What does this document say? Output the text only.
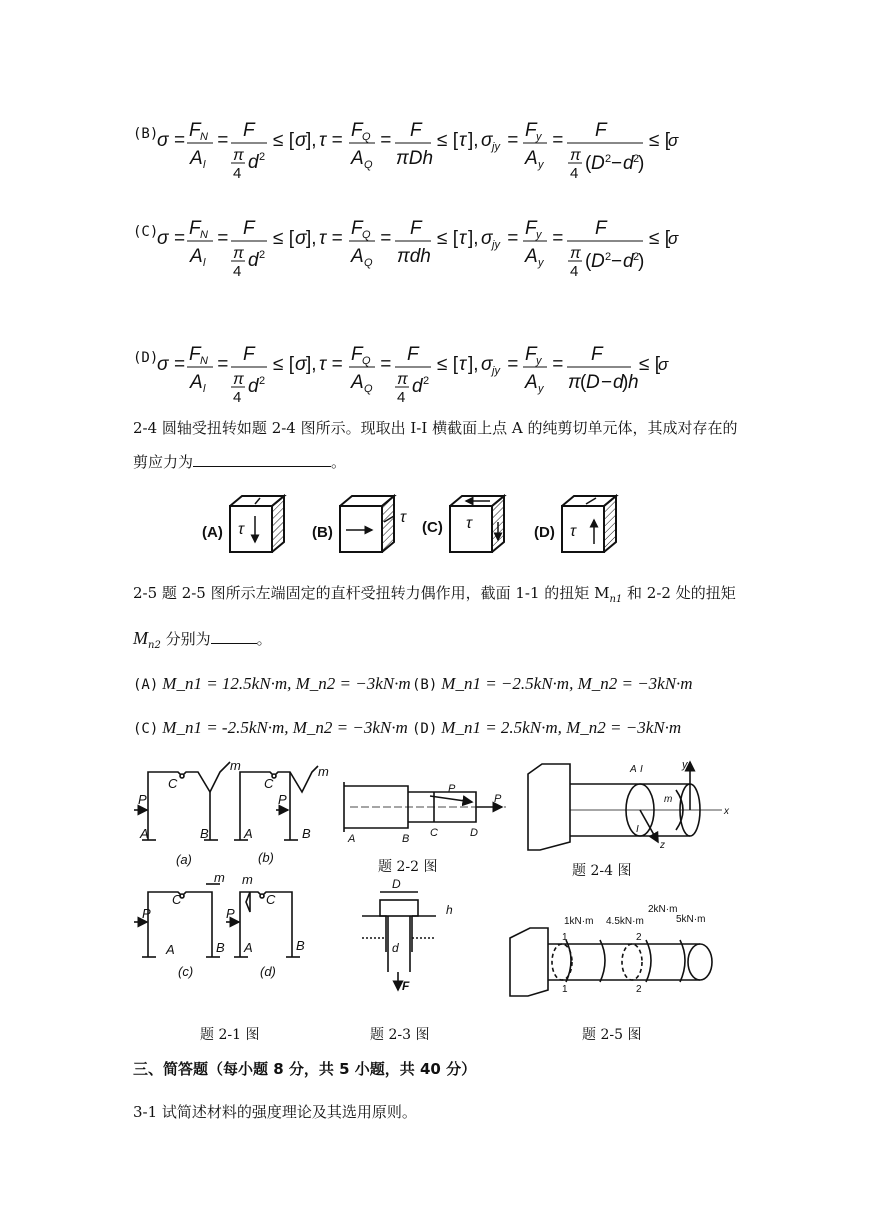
(B)
σ = F N
A l
= F
π
4
d 2
≤ [ σ ], τ = F Q
A Q
= F
πDh
≤ [ τ ], σ jy = F y
A y
= F
π
4 ( D 2 − d 2
)
≤ [
σ
(C)
σ = F N
A l
= F
π
4
d 2
≤ [ σ ], τ = F Q
A Q
= F
πdh
≤ [ τ ], σ jy = F y
A y
= F
π
4 ( D 2 − d 2
)
≤ [
σ
(D)
σ = F N
A l
= F
π
4
d 2
≤ [ σ ], τ = F Q
A Q
= F
π
4
d 2
≤ [ τ ], σ jy = F y
A y
= F
π ( D − d
) h
≤ [
σ
2-4 圆轴受扭转如题 2-4 图所示。现取出 I-I 横截面上点 A 的纯剪切单元体，其成对存在的
剪应力为	。
(A)	(B)	(C)	(D)
τ
τ	τ	τ
2-5 题 2-5 图所示左端固定的直杆受扭转力偶作用，截面 1-1 的扭矩 $M_{n1}$ 和 2-2 处的扭矩
$M_{n2}$ 分别为	。
(A) M_n1 = 12.5kN·m, M_n2 = −3kN·m (B) M_n1 = −2.5kN·m, M_n2 = −3kN·m
(C) M_n1 = -2.5kN·m, M_n2 = −3kN·m (D) M_n1 = 2.5kN·m, M_n2 = −3kN·m
P
A	B
C
m
P
A	B
C
m
P
A	B
C
m
P
A	B
C
m
A	B C	D
P
P
D
h
d
F
A I
I
y
x
z
m
1
1
2
2
1kN·m 4.5kN·m
2kN·m
5kN·m
(a)	(b)
(c)	(d)
题 2-2 图	题 2-4 图
题 2-1 图	题 2-3 图	题 2-5 图
三、简答题（每小题 8 分，共 5 小题，共 40 分）
3-1 试简述材料的强度理论及其选用原则。
